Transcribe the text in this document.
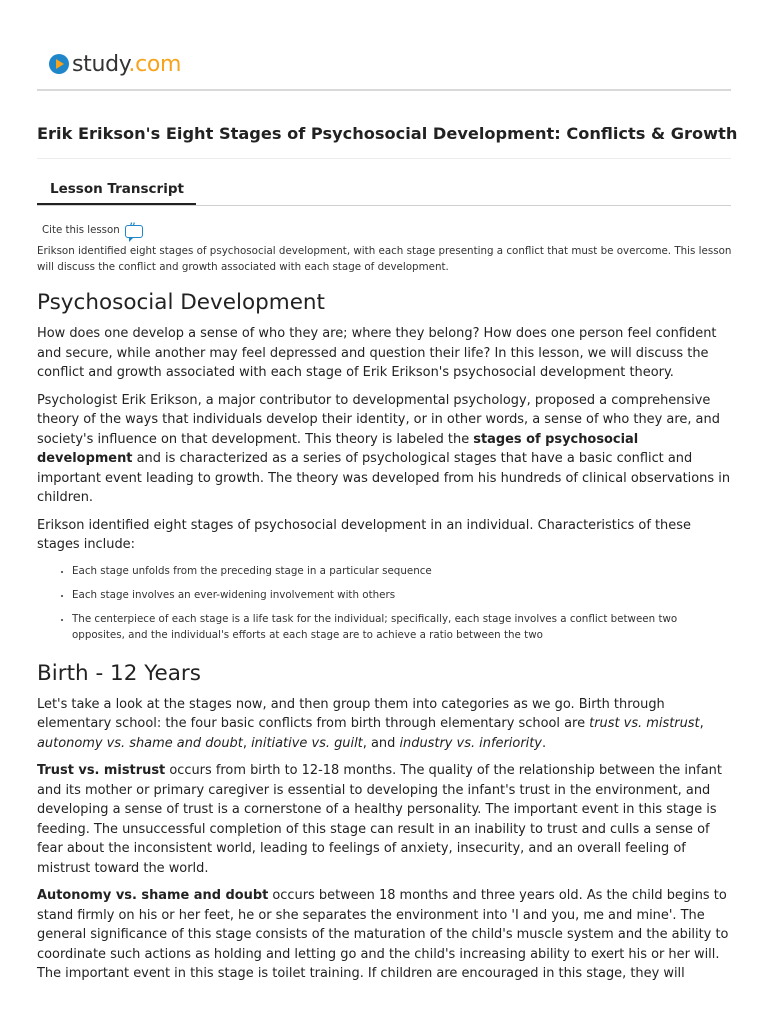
study.com
Erik Erikson's Eight Stages of Psychosocial Development: Conflicts & Growth
Lesson Transcript
Cite this lesson
”

Erikson identified eight stages of psychosocial development, with each stage presenting a conflict that must be overcome. This lesson will discuss the conflict and growth associated with each stage of development.

Psychosocial Development

How does one develop a sense of who they are; where they belong? How does one person feel confident and secure, while another may feel depressed and question their life? In this lesson, we will discuss the conflict and growth associated with each stage of Erik Erikson's psychosocial development theory.

Psychologist Erik Erikson, a major contributor to developmental psychology, proposed a comprehensive theory of the ways that individuals develop their identity, or in other words, a sense of who they are, and society's influence on that development. This theory is labeled the stages of psychosocial development and is characterized as a series of psychological stages that have a basic conflict and important event leading to growth. The theory was developed from his hundreds of clinical observations in children.

Erikson identified eight stages of psychosocial development in an individual. Characteristics of these stages include:

• Each stage unfolds from the preceding stage in a particular sequence
• Each stage involves an ever-widening involvement with others
• The centerpiece of each stage is a life task for the individual; specifically, each stage involves a conflict between two opposites, and the individual's efforts at each stage are to achieve a ratio between the two
Birth - 12 Years

Let's take a look at the stages now, and then group them into categories as we go. Birth through elementary school: the four basic conflicts from birth through elementary school are trust vs. mistrust, autonomy vs. shame and doubt, initiative vs. guilt, and industry vs. inferiority.

Trust vs. mistrust occurs from birth to 12-18 months. The quality of the relationship between the infant and its mother or primary caregiver is essential to developing the infant's trust in the environment, and developing a sense of trust is a cornerstone of a healthy personality. The important event in this stage is feeding. The unsuccessful completion of this stage can result in an inability to trust and culls a sense of fear about the inconsistent world, leading to feelings of anxiety, insecurity, and an overall feeling of mistrust toward the world.

Autonomy vs. shame and doubt occurs between 18 months and three years old. As the child begins to stand firmly on his or her feet, he or she separates the environment into 'I and you, me and mine'. The general significance of this stage consists of the maturation of the child's muscle system and the ability to coordinate such actions as holding and letting go and the child's increasing ability to exert his or her will. The important event in this stage is toilet training. If children are encouraged in this stage, they will
